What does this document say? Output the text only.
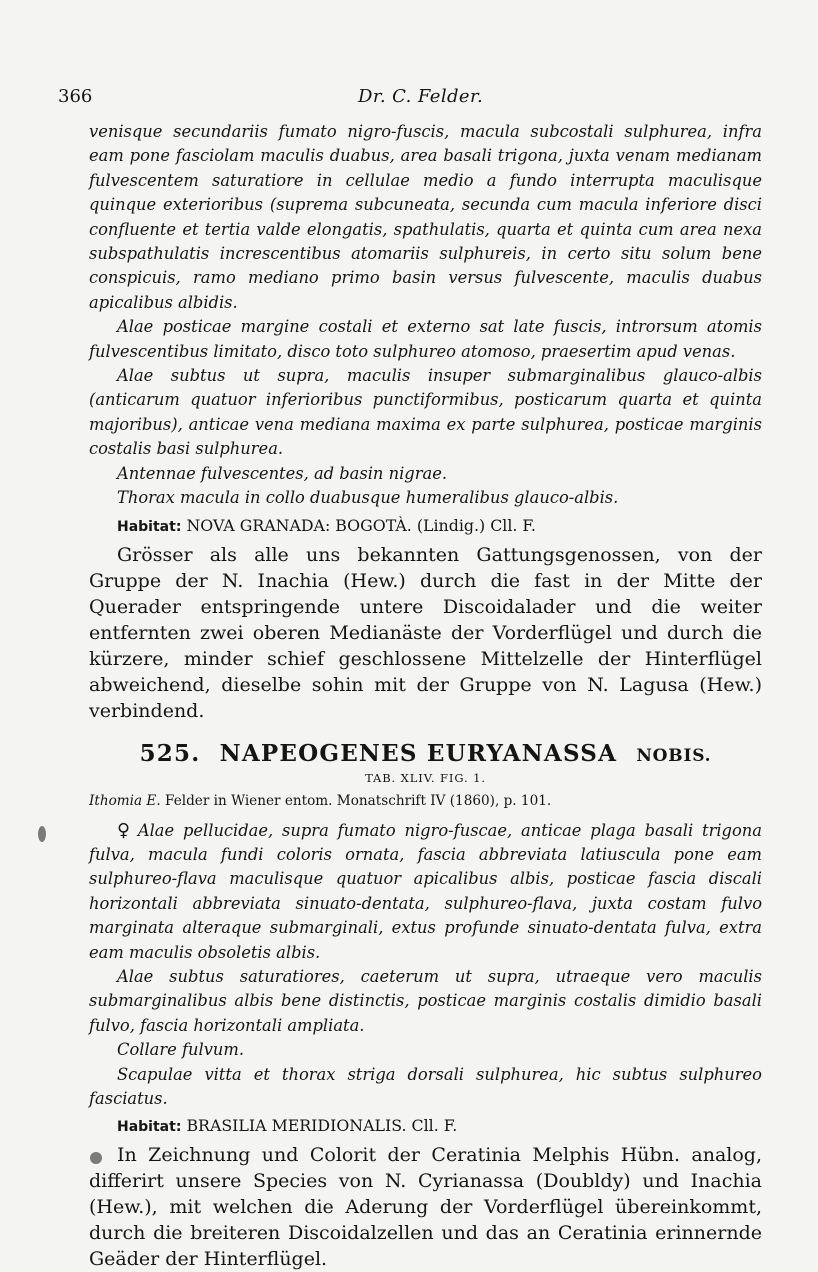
366	Dr. C. Felder.

venisque secundariis fumato nigro-fuscis, macula subcostali sulphurea, infra eam pone fasciolam maculis duabus, area basali trigona, juxta venam medianam fulvescentem saturatiore in cellulae medio a fundo interrupta maculisque quinque exterioribus (suprema subcuneata, secunda cum macula inferiore disci confluente et tertia valde elongatis, spathulatis, quarta et quinta cum area nexa subspathulatis increscentibus atomariis sulphureis, in certo situ solum bene conspicuis, ramo mediano primo basin versus fulvescente, maculis duabus apicalibus albidis.

Alae posticae margine costali et externo sat late fuscis, introrsum atomis fulvescentibus limitato, disco toto sulphureo atomoso, praesertim apud venas.

Alae subtus ut supra, maculis insuper submarginalibus glauco-albis (anticarum quatuor inferioribus punctiformibus, posticarum quarta et quinta majoribus), anticae vena mediana maxima ex parte sulphurea, posticae marginis costalis basi sulphurea.

Antennae fulvescentes, ad basin nigrae.

Thorax macula in collo duabusque humeralibus glauco-albis.

Habitat: NOVA GRANADA: BOGOTÀ. (Lindig.) Cll. F.

Grösser als alle uns bekannten Gattungsgenossen, von der Gruppe der N. Inachia (Hew.) durch die fast in der Mitte der Querader entspringende untere Discoidalader und die weiter entfernten zwei oberen Medianäste der Vorderflügel und durch die kürzere, minder schief geschlossene Mittelzelle der Hinterflügel abweichend, dieselbe sohin mit der Gruppe von N. Lagusa (Hew.) verbindend.

525. NAPEOGENES EURYANASSA NOBIS.
TAB. XLIV. FIG. 1.

Ithomia E. Felder in Wiener entom. Monatschrift IV (1860), p. 101.

♀ Alae pellucidae, supra fumato nigro-fuscae, anticae plaga basali trigona fulva, macula fundi coloris ornata, fascia abbreviata latiuscula pone eam sulphureo-flava maculisque quatuor apicalibus albis, posticae fascia discali horizontali abbreviata sinuato-dentata, sulphureo-flava, juxta costam fulvo marginata alteraque submarginali, extus profunde sinuato-dentata fulva, extra eam maculis obsoletis albis.

Alae subtus saturatiores, caeterum ut supra, utraeque vero maculis submarginalibus albis bene distinctis, posticae marginis costalis dimidio basali fulvo, fascia horizontali ampliata.

Collare fulvum.

Scapulae vitta et thorax striga dorsali sulphurea, hic subtus sulphureo fasciatus.

Habitat: BRASILIA MERIDIONALIS. Cll. F.

In Zeichnung und Colorit der Ceratinia Melphis Hübn. analog, differirt unsere Species von N. Cyrianassa (Doubldy) und Inachia (Hew.), mit welchen die Aderung der Vorderflügel übereinkommt, durch die breiteren Discoidalzellen und das an Ceratinia erinnernde Geäder der Hinterflügel.
